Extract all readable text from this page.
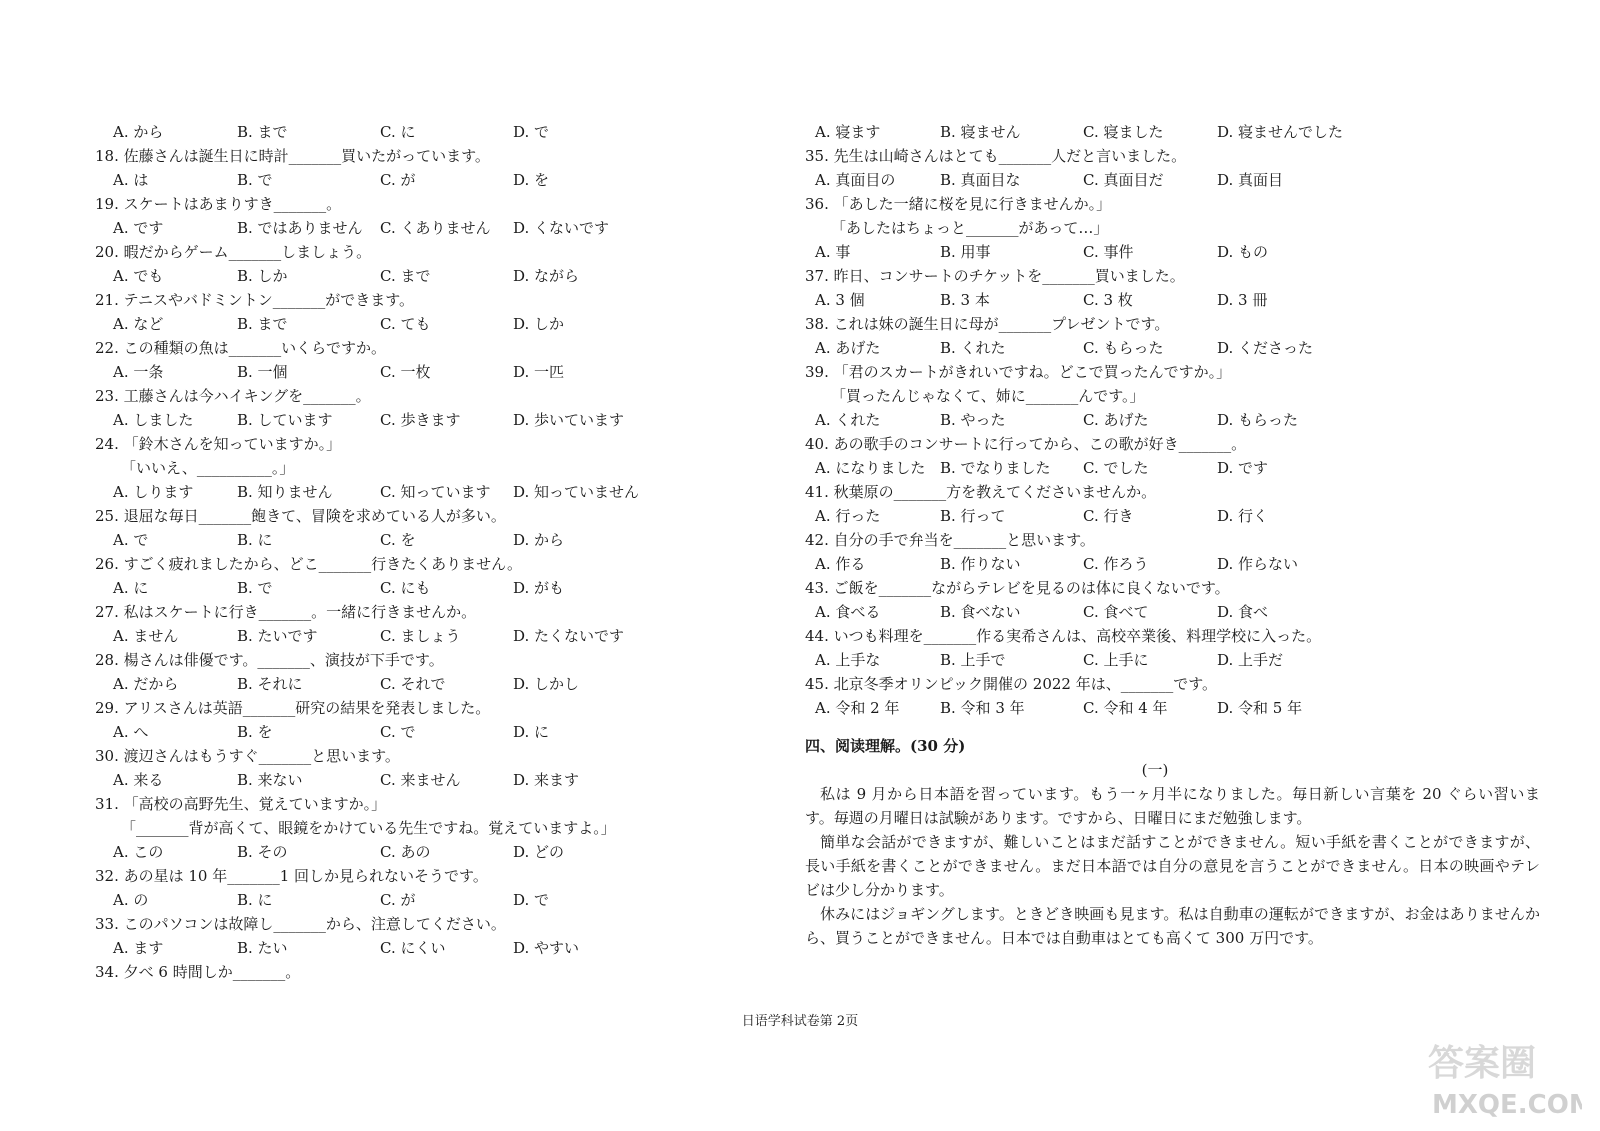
A. から	B. まで	C. に	D. で
18. 佐藤さんは誕生日に時計_______買いたがっています。
A. は	B. で	C. が	D. を
19. スケートはあまりすき_______。
A. です	B. ではありません C. くありません D. くないです
20. 暇だからゲーム_______しましょう。
A. でも	B. しか	C. まで	D. ながら
21. テニスやバドミントン_______ができます。
A. など	B. まで	C. ても	D. しか
22. この種類の魚は_______いくらですか。
A. 一条	B. 一個	C. 一枚	D. 一匹
23. 工藤さんは今ハイキングを_______。
A. しました	B. しています	C. 歩きます	D. 歩いています
24. 「鈴木さんを知っていますか。」
「いいえ、__________。」
A. しります	B. 知りません	C. 知っています D. 知っていません
25. 退屈な毎日_______飽きて、冒険を求めている人が多い。
A. で	B. に	C. を	D. から
26. すごく疲れましたから、どこ_______行きたくありません。
A. に	B. で	C. にも	D. がも
27. 私はスケートに行き_______。一緒に行きませんか。
A. ません	B. たいです	C. ましょう	D. たくないです
28. 楊さんは俳優です。_______、演技が下手です。
A. だから	B. それに	C. それで	D. しかし
29. アリスさんは英語_______研究の結果を発表しました。
A. へ	B. を	C. で	D. に
30. 渡辺さんはもうすぐ_______と思います。
A. 来る	B. 来ない	C. 来ません	D. 来ます
31. 「高校の高野先生、覚えていますか。」
「_______背が高くて、眼鏡をかけている先生ですね。覚えていますよ。」
A. この	B. その	C. あの	D. どの
32. あの星は 10 年_______1 回しか見られないそうです。
A. の	B. に	C. が	D. で
33. このパソコンは故障し_______から、注意してください。
A. ます	B. たい	C. にくい	D. やすい
34. 夕べ 6 時間しか_______。
A. 寝ます	B. 寝ません	C. 寝ました	D. 寝ませんでした
35. 先生は山崎さんはとても_______人だと言いました。
A. 真面目の	B. 真面目な	C. 真面目だ	D. 真面目
36. 「あした一緒に桜を見に行きませんか。」
「あしたはちょっと_______があって…」
A. 事	B. 用事	C. 事件	D. もの
37. 昨日、コンサートのチケットを_______買いました。
A. 3 個	B. 3 本	C. 3 枚	D. 3 冊
38. これは妹の誕生日に母が_______プレゼントです。
A. あげた	B. くれた	C. もらった	D. くださった
39. 「君のスカートがきれいですね。どこで買ったんですか。」
「買ったんじゃなくて、姉に_______んです。」
A. くれた	B. やった	C. あげた	D. もらった
40. あの歌手のコンサートに行ってから、この歌が好き_______。
A. になりました B. でなりました C. でした	D. です
41. 秋葉原の_______方を教えてくださいませんか。
A. 行った	B. 行って	C. 行き	D. 行く
42. 自分の手で弁当を_______と思います。
A. 作る	B. 作りない	C. 作ろう	D. 作らない
43. ご飯を_______ながらテレビを見るのは体に良くないです。
A. 食べる	B. 食べない	C. 食べて	D. 食べ
44. いつも料理を_______作る実希さんは、高校卒業後、料理学校に入った。
A. 上手な	B. 上手で	C. 上手に	D. 上手だ
45. 北京冬季オリンピック開催の 2022 年は、_______です。
A. 令和 2 年	B. 令和 3 年	C. 令和 4 年	D. 令和 5 年
四、阅读理解。(30 分)
(一)
私は 9 月から日本語を習っています。もう一ヶ月半になりました。毎日新しい言葉を 20 ぐらい習います。毎週の月曜日は試験があります。ですから、日曜日にまだ勉強します。
簡単な会話ができますが、難しいことはまだ話すことができません。短い手紙を書くことができますが、長い手紙を書くことができません。まだ日本語では自分の意見を言うことができません。日本の映画やテレビは少し分かります。
休みにはジョギングします。ときどき映画も見ます。私は自動車の運転ができますが、お金はありませんから、買うことができません。日本では自動車はとても高くて 300 万円です。
日语学科试卷第 2页
答案圈
MXQE.COM
